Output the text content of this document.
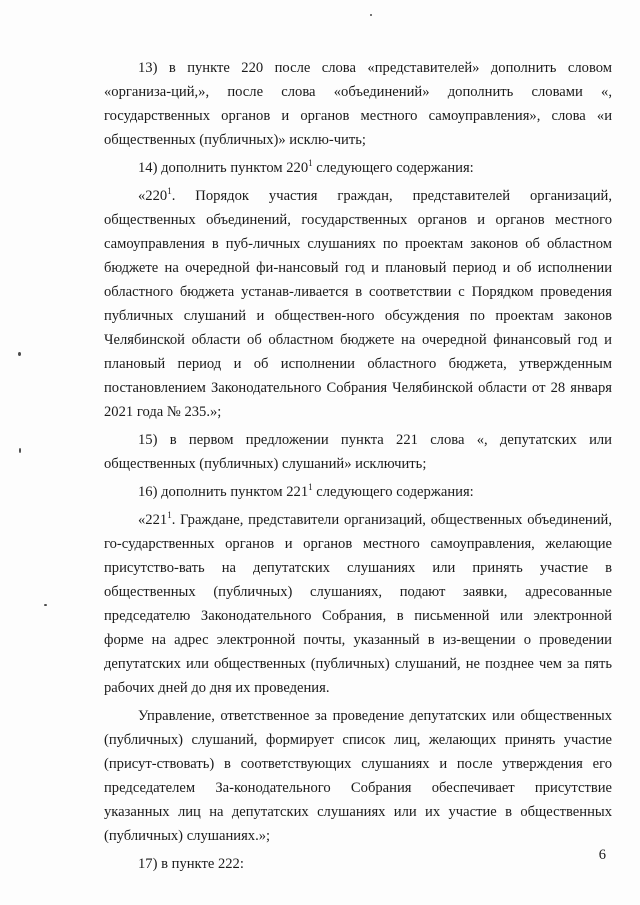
13) в пункте 220 после слова «представителей» дополнить словом «организа-ций,», после слова «объединений» дополнить словами «, государственных органов и органов местного самоуправления», слова «и общественных (публичных)» исклю-чить;

14) дополнить пунктом $220^1$ следующего содержания:

«$220^1$. Порядок участия граждан, представителей организаций, общественных объединений, государственных органов и органов местного самоуправления в пуб-личных слушаниях по проектам законов об областном бюджете на очередной фи-нансовый год и плановый период и об исполнении областного бюджета устанав-ливается в соответствии с Порядком проведения публичных слушаний и обществен-ного обсуждения по проектам законов Челябинской области об областном бюджете на очередной финансовый год и плановый период и об исполнении областного бюджета, утвержденным постановлением Законодательного Собрания Челябинской области от 28 января 2021 года № 235.»;

15) в первом предложении пункта 221 слова «, депутатских или общественных (публичных) слушаний» исключить;

16) дополнить пунктом $221^1$ следующего содержания:

«$221^1$. Граждане, представители организаций, общественных объединений, го-сударственных органов и органов местного самоуправления, желающие присутство-вать на депутатских слушаниях или принять участие в общественных (публичных) слушаниях, подают заявки, адресованные председателю Законодательного Собрания, в письменной или электронной форме на адрес электронной почты, указанный в из-вещении о проведении депутатских или общественных (публичных) слушаний, не позднее чем за пять рабочих дней до дня их проведения.

Управление, ответственное за проведение депутатских или общественных (публичных) слушаний, формирует список лиц, желающих принять участие (присут-ствовать) в соответствующих слушаниях и после утверждения его председателем За-конодательного Собрания обеспечивает присутствие указанных лиц на депутатских слушаниях или их участие в общественных (публичных) слушаниях.»;

17) в пункте 222:

6
